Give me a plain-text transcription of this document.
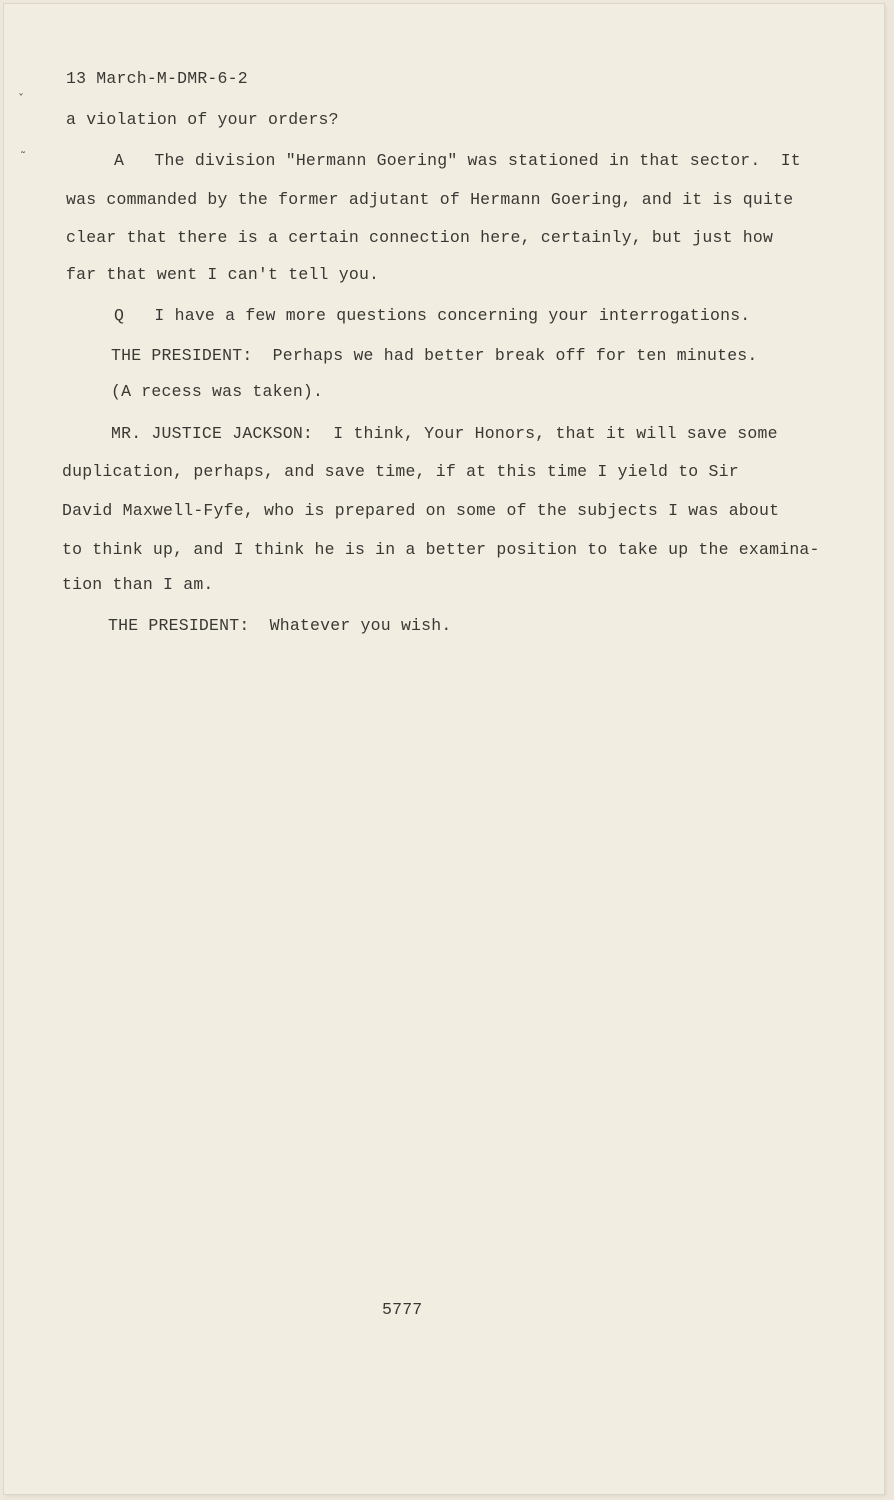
ˇ
˜
13 March-M-DMR-6-2
a violation of your orders?
A   The division "Hermann Goering" was stationed in that sector.  It
was commanded by the former adjutant of Hermann Goering, and it is quite
clear that there is a certain connection here, certainly, but just how
far that went I can't tell you.
Q   I have a few more questions concerning your interrogations.
THE PRESIDENT:  Perhaps we had better break off for ten minutes.
(A recess was taken).
MR. JUSTICE JACKSON:  I think, Your Honors, that it will save some
duplication, perhaps, and save time, if at this time I yield to Sir
David Maxwell-Fyfe, who is prepared on some of the subjects I was about
to think up, and I think he is in a better position to take up the examina-
tion than I am.
THE PRESIDENT:  Whatever you wish.
5777
